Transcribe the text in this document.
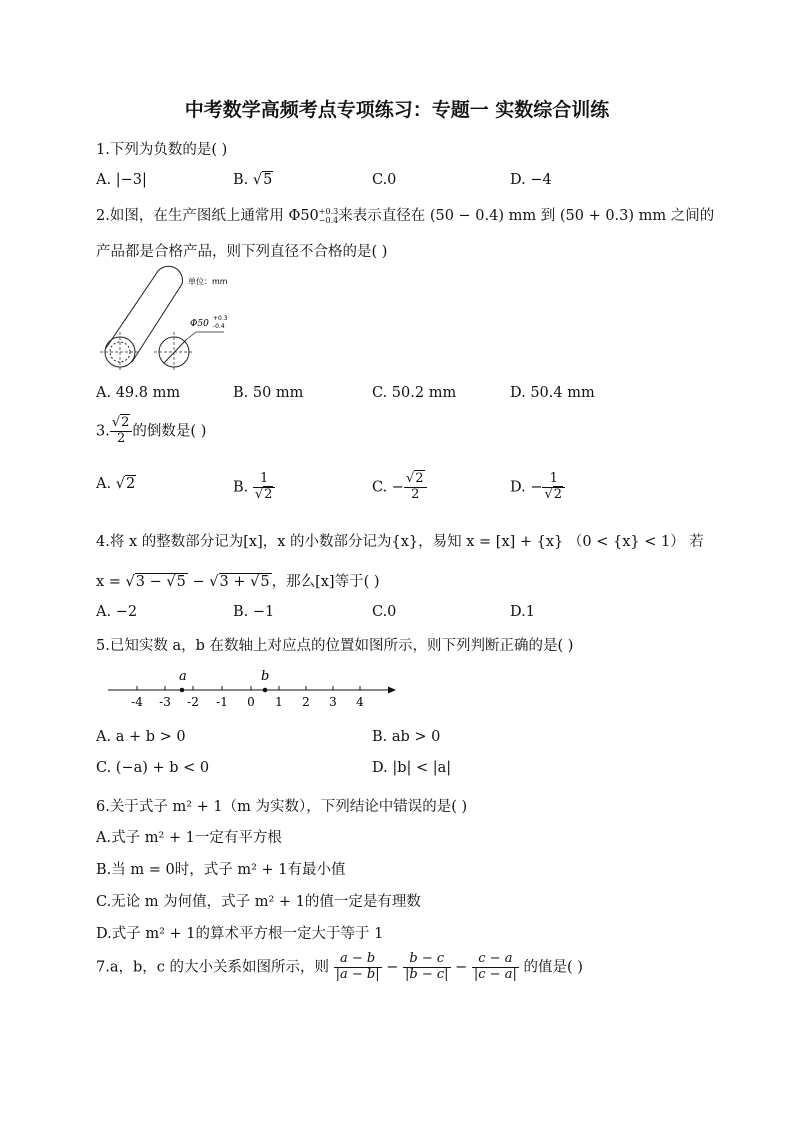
中考数学高频考点专项练习：专题一 实数综合训练
1.下列为负数的是( )
A. |−3|	B. √5	C.0	D. −4
2.如图，在生产图纸上通常用 Φ50+0.3
−0.4来表示直径在 (50 − 0.4) mm 到 (50 + 0.3) mm 之间的
产品都是合格产品，则下列直径不合格的是( )
单位：mm
Φ50
+0.3
-0.4
A. 49.8 mm	B. 50 mm	C. 50.2 mm	D. 50.4 mm
3. $\frac{√2}{2}$ 的倒数是( )
A. √2	B. $\frac{1}{√2}$	C. − $\frac{√2}{2}$	D. − $\frac{1}{√2}$
4.将 x 的整数部分记为[x]，x 的小数部分记为{x}，易知 x = [x] + {x} （0 < {x} < 1） 若
x = √3 − √5 − √3 + √5 ，那么[x]等于( )
A. −2	B. −1	C.0	D.1
5.已知实数 a，b 在数轴上对应点的位置如图所示，则下列判断正确的是( )
-4 -3 -2 -1 0 1 2 3 4
a	b
A. a + b > 0	B. ab > 0
C. (−a) + b < 0	D. |b| < |a|
6.关于式子 m² + 1（m 为实数），下列结论中错误的是( )
A.式子 m² + 1一定有平方根
B.当 m = 0时，式子 m² + 1有最小值
C.无论 m 为何值，式子 m² + 1的值一定是有理数
D.式子 m² + 1的算术平方根一定大于等于 1
7.a，b，c 的大小关系如图所示，则 $\frac{a - b}{|a - b|} - \frac{b - c}{|b - c|} - \frac{c - a}{|c - a|}$ 的值是( )
